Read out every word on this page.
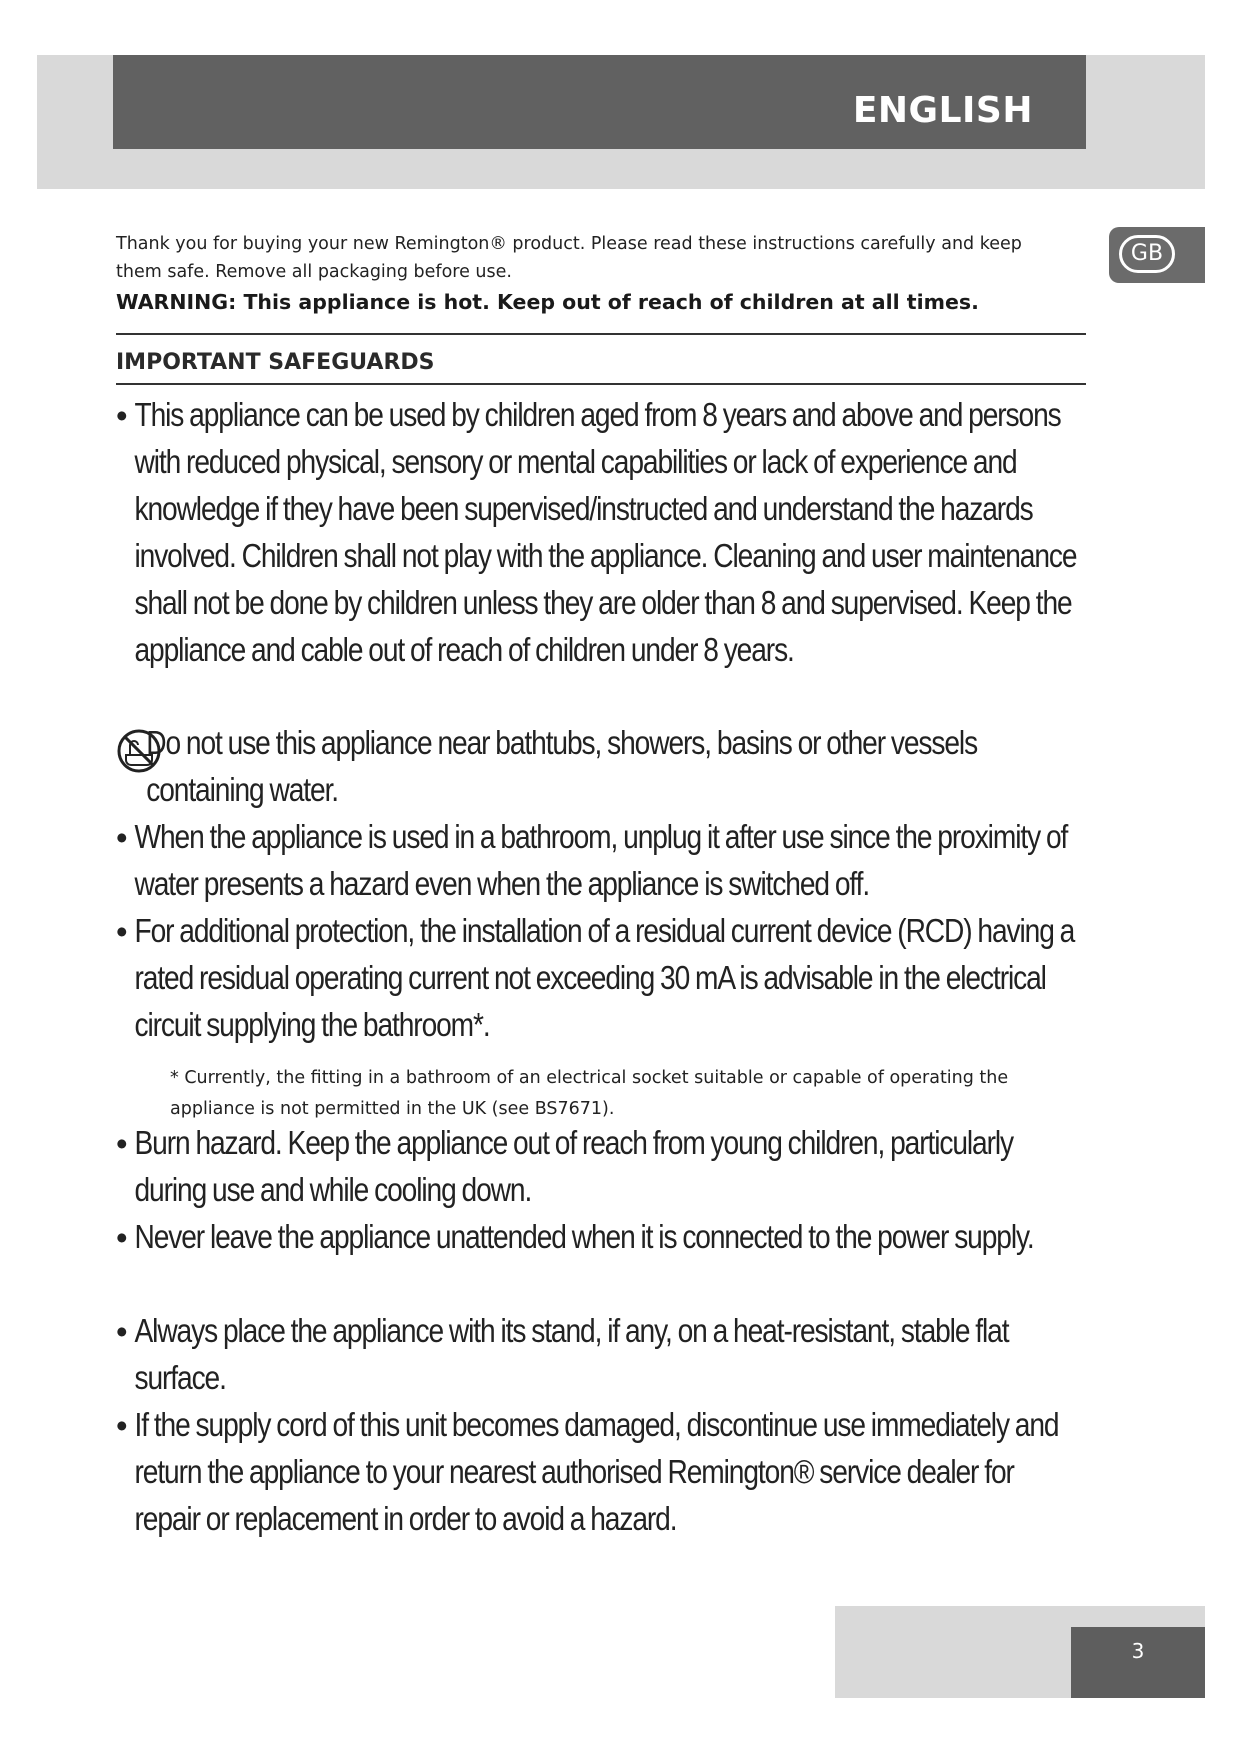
ENGLISH
GB

Thank you for buying your new Remington® product. Please read these instructions carefully and keep them safe. Remove all packaging before use.

WARNING: This appliance is hot. Keep out of reach of children at all times.

IMPORTANT SAFEGUARDS
• This appliance can be used by children aged from 8 years and above and persons with reduced physical, sensory or mental capabilities or lack of experience and knowledge if they have been supervised/instructed and understand the hazards involved. Children shall not play with the appliance. Cleaning and user maintenance shall not be done by children unless they are older than 8 and supervised. Keep the appliance and cable out of reach of children under 8 years.

Do not use this appliance near bathtubs, showers, basins or other vessels containing water.

• When the appliance is used in a bathroom, unplug it after use since the proximity of water presents a hazard even when the appliance is switched off.

• For additional protection, the installation of a residual current device (RCD) having a rated residual operating current not exceeding 30 mA is advisable in the electrical circuit supplying the bathroom*.

• Burn hazard. Keep the appliance out of reach from young children, particularly during use and while cooling down.

• Never leave the appliance unattended when it is connected to the power supply.

• Always place the appliance with its stand, if any, on a heat-resistant, stable flat surface.

• If the supply cord of this unit becomes damaged, discontinue use immediately and return the appliance to your nearest authorised Remington® service dealer for repair or replacement in order to avoid a hazard.

* Currently, the fitting in a bathroom of an electrical socket suitable or capable of operating the appliance is not permitted in the UK (see BS7671).

3
